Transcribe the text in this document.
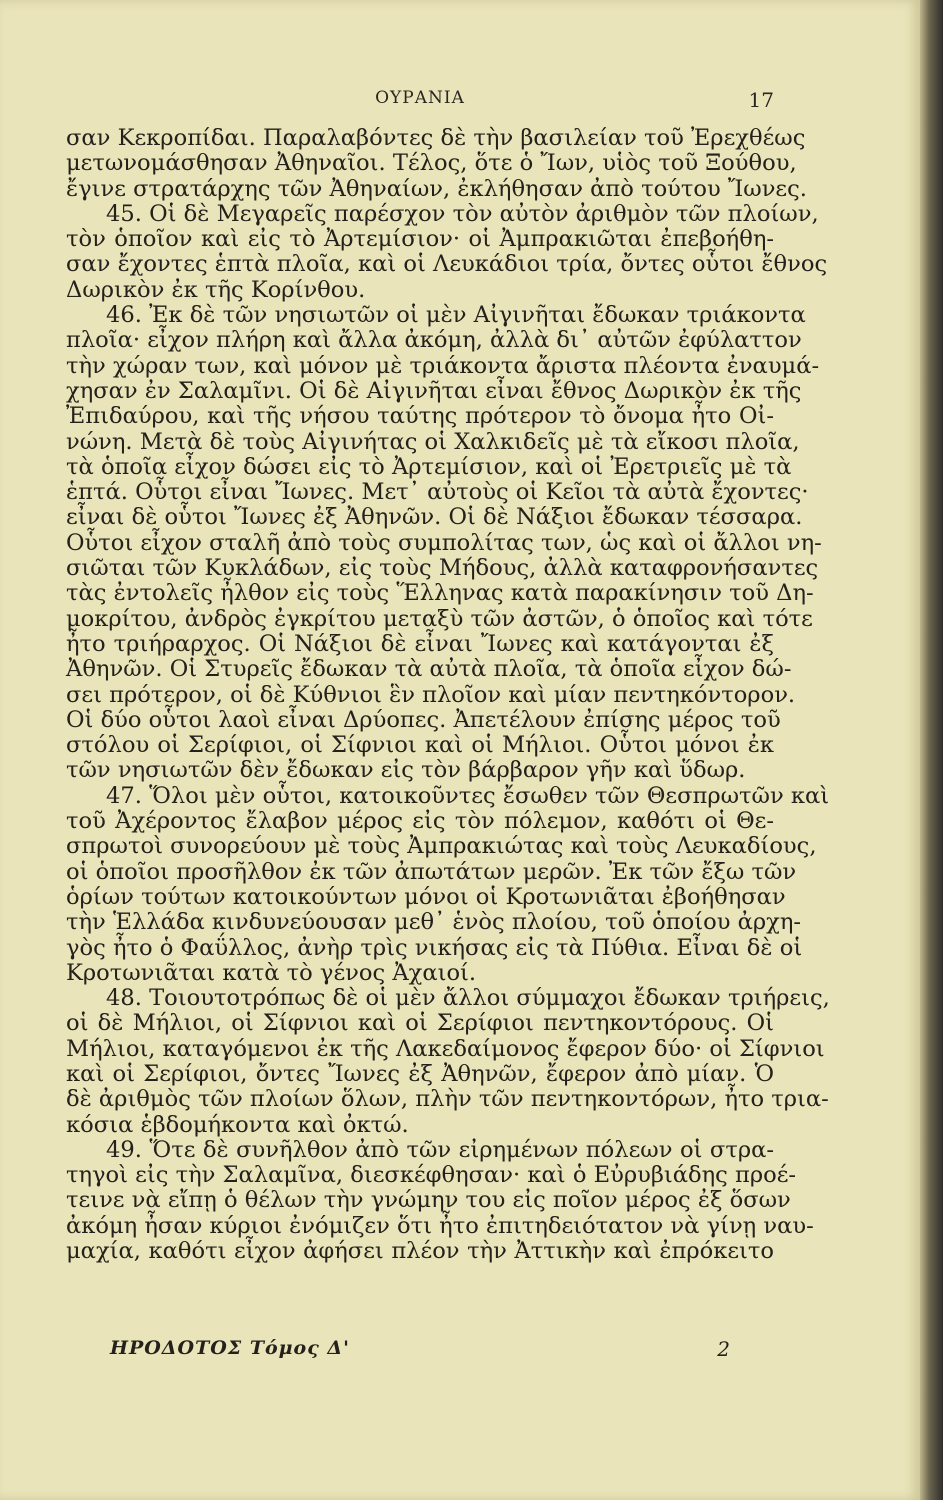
ΟΥΡΑΝΙΑ	17
σαν Κεκροπίδαι. Παραλαβόντες δὲ τὴν βασιλείαν τοῦ Ἐρεχθέως
μετωνομάσθησαν Ἀθηναῖοι. Τέλος, ὅτε ὁ Ἴων, υἱὸς τοῦ Ξούθου,
ἔγινε στρατάρχης τῶν Ἀθηναίων, ἐκλήθησαν ἀπὸ τούτου Ἴωνες.
45. Οἱ δὲ Μεγαρεῖς παρέσχον τὸν αὐτὸν ἀριθμὸν τῶν πλοίων,
τὸν ὁποῖον καὶ εἰς τὸ Ἀρτεμίσιον· οἱ Ἀμπρακιῶται ἐπεβοήθη-
σαν ἔχοντες ἑπτὰ πλοῖα, καὶ οἱ Λευκάδιοι τρία, ὄντες οὗτοι ἔθνος
Δωρικὸν ἐκ τῆς Κορίνθου.
46. Ἐκ δὲ τῶν νησιωτῶν οἱ μὲν Αἰγινῆται ἔδωκαν τριάκοντα
πλοῖα· εἶχον πλήρη καὶ ἄλλα ἀκόμη, ἀλλὰ δι᾽ αὐτῶν ἐφύλαττον
τὴν χώραν των, καὶ μόνον μὲ τριάκοντα ἄριστα πλέοντα ἐναυμά-
χησαν ἐν Σαλαμῖνι. Οἱ δὲ Αἰγινῆται εἶναι ἔθνος Δωρικὸν ἐκ τῆς
Ἐπιδαύρου, καὶ τῆς νήσου ταύτης πρότερον τὸ ὄνομα ἦτο Οἰ-
νώνη. Μετὰ δὲ τοὺς Αἰγινήτας οἱ Χαλκιδεῖς μὲ τὰ εἴκοσι πλοῖα,
τὰ ὁποῖα εἶχον δώσει εἰς τὸ Ἀρτεμίσιον, καὶ οἱ Ἐρετριεῖς μὲ τὰ
ἑπτά. Οὗτοι εἶναι Ἴωνες. Μετ᾽ αὐτοὺς οἱ Κεῖοι τὰ αὐτὰ ἔχοντες·
εἶναι δὲ οὗτοι Ἴωνες ἐξ Ἀθηνῶν. Οἱ δὲ Νάξιοι ἔδωκαν τέσσαρα.
Οὗτοι εἶχον σταλῆ ἀπὸ τοὺς συμπολίτας των, ὡς καὶ οἱ ἄλλοι νη-
σιῶται τῶν Κυκλάδων, εἰς τοὺς Μήδους, ἀλλὰ καταφρονήσαντες
τὰς ἐντολεῖς ἦλθον εἰς τοὺς Ἕλληνας κατὰ παρακίνησιν τοῦ Δη-
μοκρίτου, ἀνδρὸς ἐγκρίτου μεταξὺ τῶν ἀστῶν, ὁ ὁποῖος καὶ τότε
ἦτο τριήραρχος. Οἱ Νάξιοι δὲ εἶναι Ἴωνες καὶ κατάγονται ἐξ
Ἀθηνῶν. Οἱ Στυρεῖς ἔδωκαν τὰ αὐτὰ πλοῖα, τὰ ὁποῖα εἶχον δώ-
σει πρότερον, οἱ δὲ Κύθνιοι ἓν πλοῖον καὶ μίαν πεντηκόντορον.
Οἱ δύο οὗτοι λαοὶ εἶναι Δρύοπες. Ἀπετέλουν ἐπίσης μέρος τοῦ
στόλου οἱ Σερίφιοι, οἱ Σίφνιοι καὶ οἱ Μήλιοι. Οὗτοι μόνοι ἐκ
τῶν νησιωτῶν δὲν ἔδωκαν εἰς τὸν βάρβαρον γῆν καὶ ὕδωρ.
47. Ὅλοι μὲν οὗτοι, κατοικοῦντες ἔσωθεν τῶν Θεσπρωτῶν καὶ
τοῦ Ἀχέροντος ἔλαβον μέρος εἰς τὸν πόλεμον, καθότι οἱ Θε-
σπρωτοὶ συνορεύουν μὲ τοὺς Ἀμπρακιώτας καὶ τοὺς Λευκαδίους,
οἱ ὁποῖοι προσῆλθον ἐκ τῶν ἀπωτάτων μερῶν. Ἐκ τῶν ἔξω τῶν
ὁρίων τούτων κατοικούντων μόνοι οἱ Κροτωνιᾶται ἐβοήθησαν
τὴν Ἑλλάδα κινδυνεύουσαν μεθ᾽ ἑνὸς πλοίου, τοῦ ὁποίου ἀρχη-
γὸς ἦτο ὁ Φαΰλλος, ἀνὴρ τρὶς νικήσας εἰς τὰ Πύθια. Εἶναι δὲ οἱ
Κροτωνιᾶται κατὰ τὸ γένος Ἀχαιοί.
48. Τοιουτοτρόπως δὲ οἱ μὲν ἄλλοι σύμμαχοι ἔδωκαν τριήρεις,
οἱ δὲ Μήλιοι, οἱ Σίφνιοι καὶ οἱ Σερίφιοι πεντηκοντόρους. Οἱ
Μήλιοι, καταγόμενοι ἐκ τῆς Λακεδαίμονος ἔφερον δύο· οἱ Σίφνιοι
καὶ οἱ Σερίφιοι, ὄντες Ἴωνες ἐξ Ἀθηνῶν, ἔφερον ἀπὸ μίαν. Ὁ
δὲ ἀριθμὸς τῶν πλοίων ὅλων, πλὴν τῶν πεντηκοντόρων, ἦτο τρια-
κόσια ἑβδομήκοντα καὶ ὀκτώ.
49. Ὅτε δὲ συνῆλθον ἀπὸ τῶν εἰρημένων πόλεων οἱ στρα-
τηγοὶ εἰς τὴν Σαλαμῖνα, διεσκέφθησαν· καὶ ὁ Εὐρυβιάδης προέ-
τεινε νὰ εἴπῃ ὁ θέλων τὴν γνώμην του εἰς ποῖον μέρος ἐξ ὅσων
ἀκόμη ἦσαν κύριοι ἐνόμιζεν ὅτι ἦτο ἐπιτηδειότατον νὰ γίνῃ ναυ-
μαχία, καθότι εἶχον ἀφήσει πλέον τὴν Ἀττικὴν καὶ ἐπρόκειτο
ΗΡΟΔΟΤΟΣ Τόμος Δ'	2
